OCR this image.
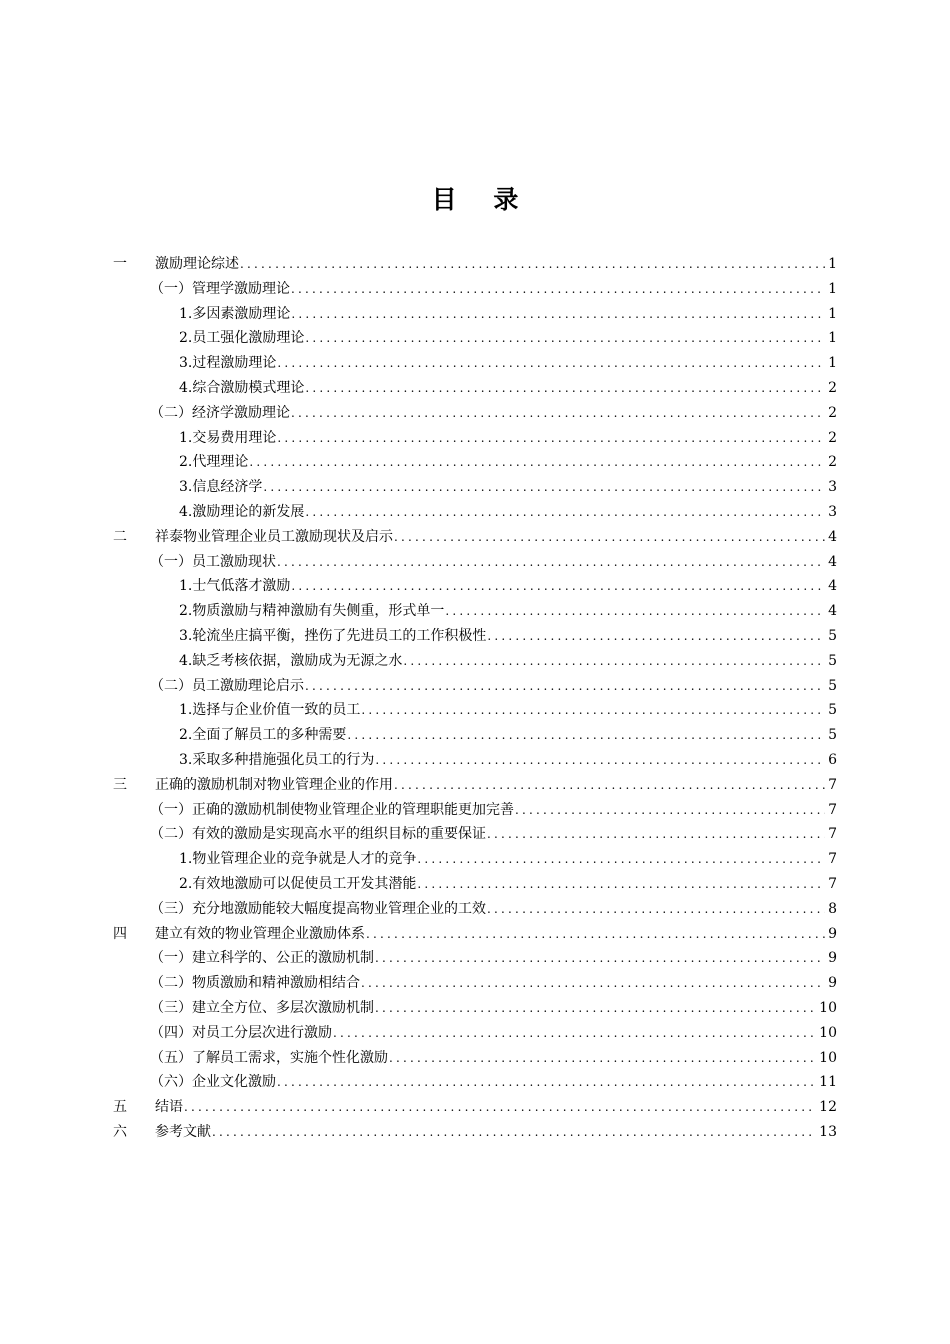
目 录
一	激励理论综述 .....	1
（一） 管理学激励理论 .....	1
1. 多因素激励理论 .....	1
2. 员工强化激励理论 .....	1
3. 过程激励理论 .....	1
4. 综合激励模式理论 .....	2
（二） 经济学激励理论 .....	2
1. 交易费用理论 .....	2
2. 代理理论 .....	2
3. 信息经济学 .....	3
4. 激励理论的新发展 .....	3
二	祥泰物业管理企业员工激励现状及启示 .....	4
（一） 员工激励现状 .....	4
1. 士气低落才激励 .....	4
2. 物质激励与精神激励有失侧重，形式单一 .....	4
3. 轮流坐庄搞平衡，挫伤了先进员工的工作积极性 .....	5
4. 缺乏考核依据，激励成为无源之水 .....	5
（二） 员工激励理论启示 .....	5
1. 选择与企业价值一致的员工 .....	5
2. 全面了解员工的多种需要 .....	5
3. 采取多种措施强化员工的行为 .....	6
三	正确的激励机制对物业管理企业的作用 .....	7
（一） 正确的激励机制使物业管理企业的管理职能更加完善 .....	7
（二） 有效的激励是实现高水平的组织目标的重要保证 .....	7
1. 物业管理企业的竞争就是人才的竞争 .....	7
2. 有效地激励可以促使员工开发其潜能 .....	7
（三） 充分地激励能较大幅度提高物业管理企业的工效 .....	8
四	建立有效的物业管理企业激励体系 .....	9
（一） 建立科学的、公正的激励机制 .....	9
（二） 物质激励和精神激励相结合 .....	9
（三） 建立全方位、多层次激励机制 .....	10
（四） 对员工分层次进行激励 .....	10
（五） 了解员工需求，实施个性化激励 .....	10
（六） 企业文化激励 .....	11
五	结语 .....	12
六	参考文献 .....	13
